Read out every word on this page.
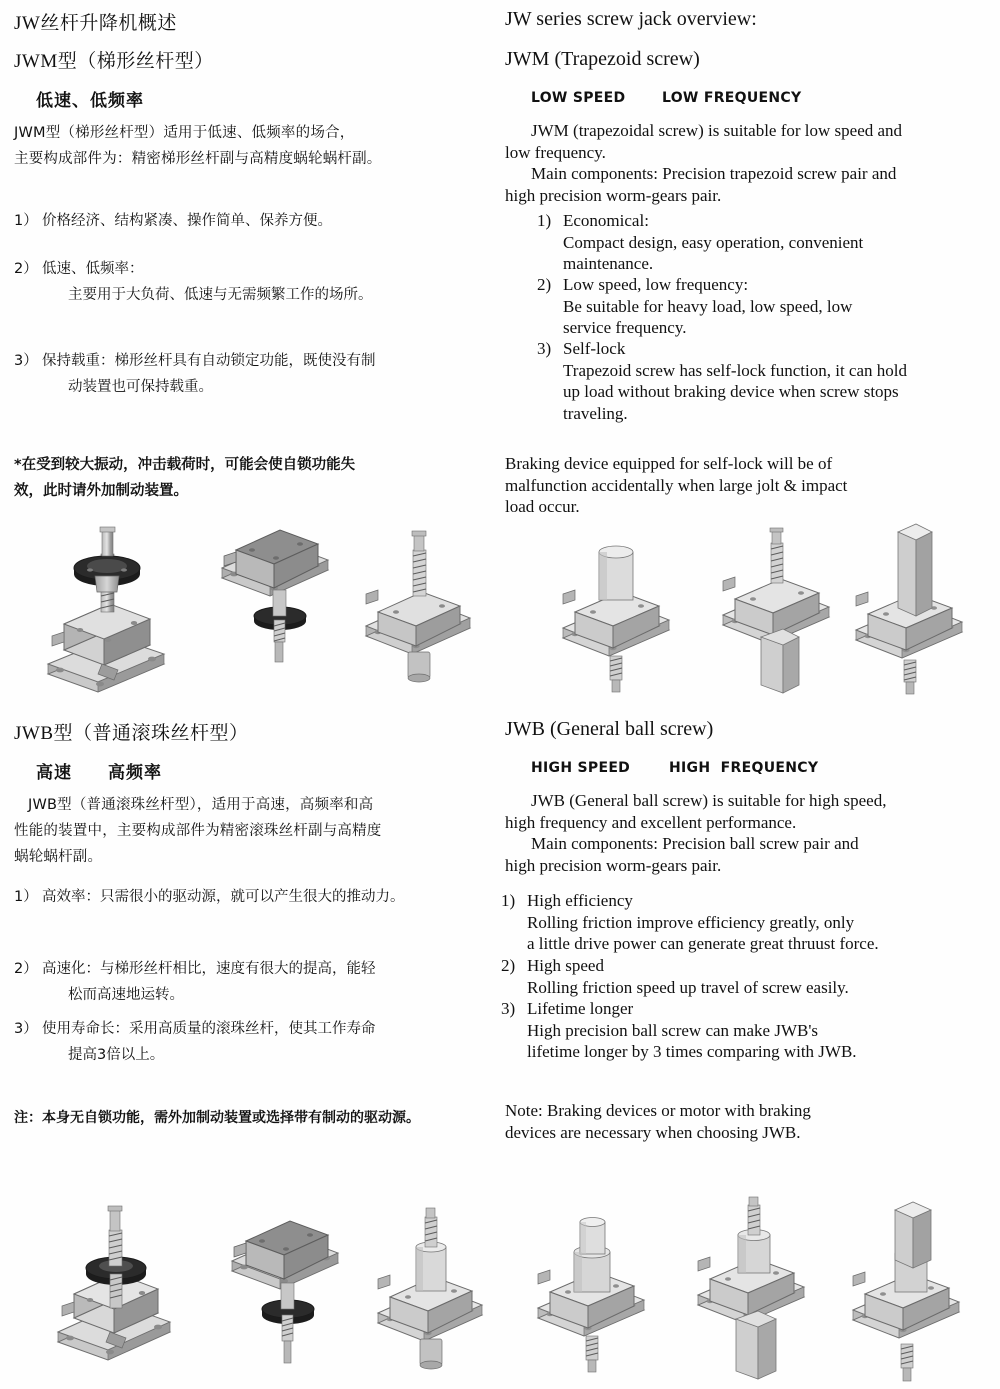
JW丝杆升降机概述
JWM型（梯形丝杆型）
低速、低频率
JWM型（梯形丝杆型）适用于低速、低频率的场合，
主要构成部件为：精密梯形丝杆副与高精度蜗轮蜗杆副。
1） 价格经济、结构紧凑、操作简单、保养方便。
2） 低速、低频率：
主要用于大负荷、低速与无需频繁工作的场所。
3） 保持载重：梯形丝杆具有自动锁定功能，既使没有制
动装置也可保持载重。
*在受到较大振动，冲击载荷时，可能会使自锁功能失
效，此时请外加制动装置。
JWB型（普通滚珠丝杆型）
高速　　高频率
JWB型（普通滚珠丝杆型），适用于高速，高频率和高
性能的装置中，主要构成部件为精密滚珠丝杆副与高精度
蜗轮蜗杆副。
1） 高效率：只需很小的驱动源，就可以产生很大的推动力。
2） 高速化：与梯形丝杆相比，速度有很大的提高，能轻
松而高速地运转。
3） 使用寿命长：采用高质量的滚珠丝杆，使其工作寿命
提高3倍以上。
注：本身无自锁功能，需外加制动装置或选择带有制动的驱动源。
JW series screw jack overview:
JWM (Trapezoid screw)
LOW SPEED	LOW FREQUENCY
JWM (trapezoidal screw) is suitable for low speed and
low frequency.
Main components: Precision trapezoid screw pair and
high precision worm-gears pair.
1) Economical:
Compact design, easy operation, convenient
maintenance.
2) Low speed, low frequency:
Be suitable for heavy load, low speed, low
service frequency.
3) Self-lock
Trapezoid screw has self-lock function, it can hold
up load without braking device when screw stops
traveling.
Braking device equipped for self-lock will be of
malfunction accidentally when large jolt & impact
load occur.
JWB (General ball screw)
HIGH SPEED	HIGH  FREQUENCY
JWB (General ball screw) is suitable for high speed,
high frequency and excellent performance.
Main components: Precision ball screw pair and
high precision worm-gears pair.
1) High efficiency
Rolling friction improve efficiency greatly, only
a little drive power can generate great thruust force.
2) High speed
Rolling friction speed up travel of screw easily.
3) Lifetime longer
High precision ball screw can make JWB's
lifetime longer by 3 times comparing with JWB.
Note: Braking devices or motor with braking
devices are necessary when choosing JWB.
